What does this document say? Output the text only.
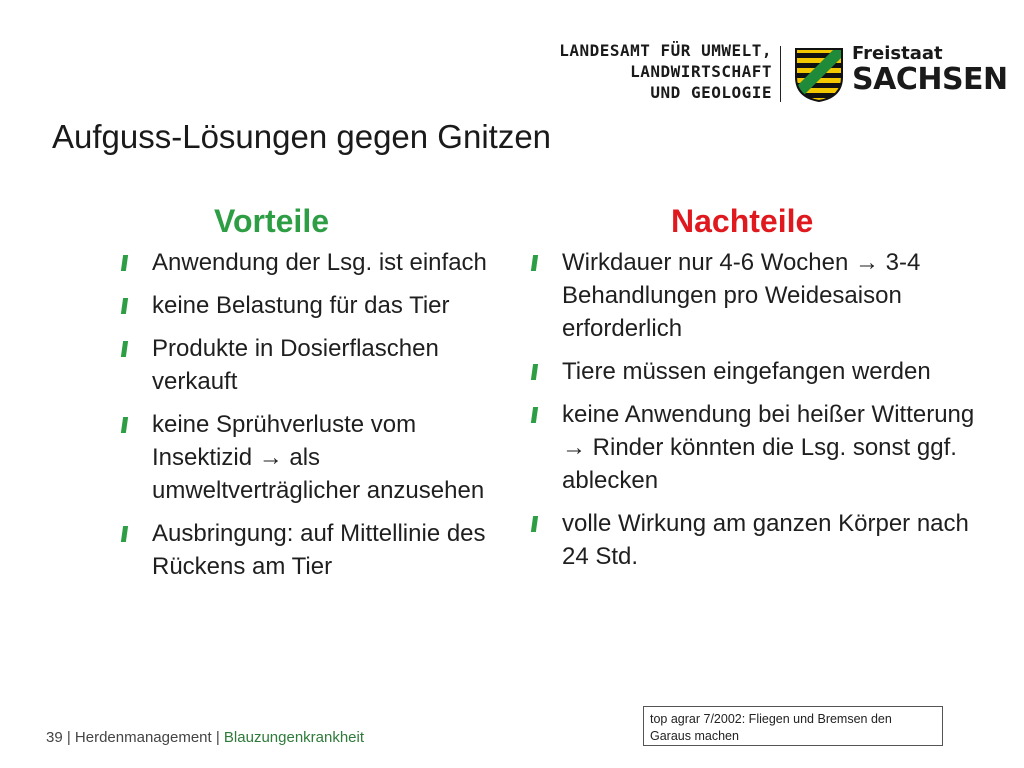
LANDESAMT FÜR UMWELT,
LANDWIRTSCHAFT
UND GEOLOGIE
Freistaat
SACHSEN
Aufguss-Lösungen gegen Gnitzen
Vorteile	Nachteile
Anwendung der Lsg. ist einfach
keine Belastung für das Tier
Produkte in Dosierflaschen verkauft
keine Sprühverluste vom Insektizid → als umweltverträglicher anzusehen
Ausbringung: auf Mittellinie des Rückens am Tier
Wirkdauer nur 4-6 Wochen → 3-4 Behandlungen pro Weidesaison erforderlich
Tiere müssen eingefangen werden
keine Anwendung bei heißer Witterung → Rinder könnten die Lsg. sonst ggf. ablecken
volle Wirkung am ganzen Körper nach 24 Std.
39 | Herdenmanagement | Blauzungenkrankheit
top agrar 7/2002: Fliegen und Bremsen den Garaus machen
